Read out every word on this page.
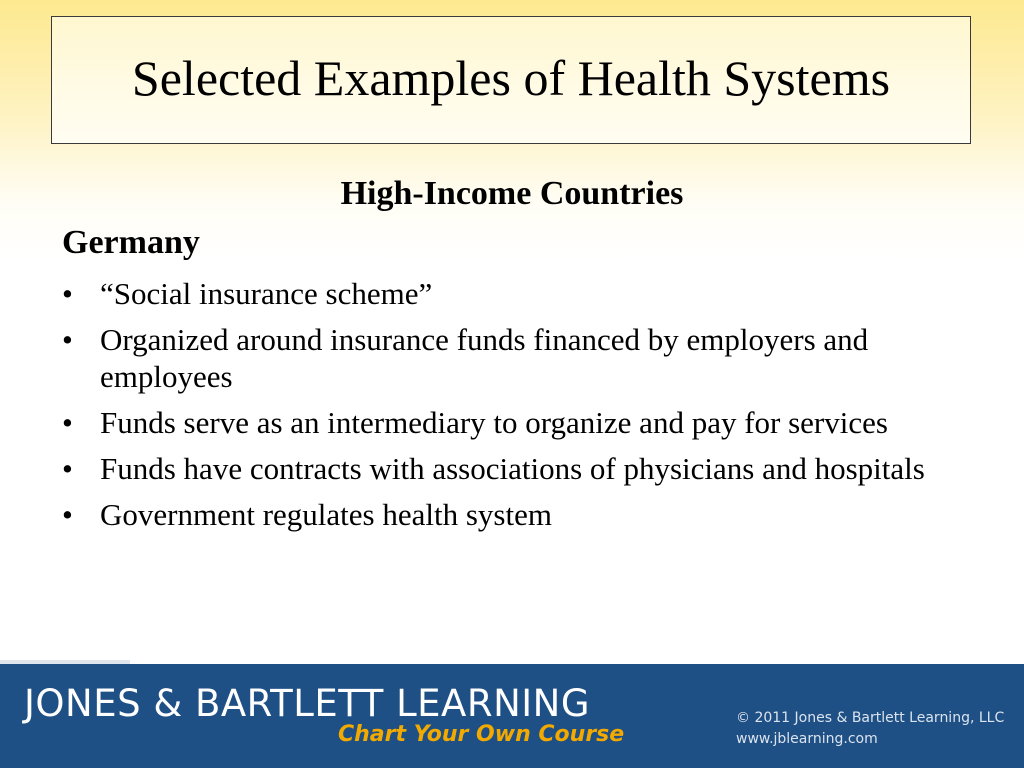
Selected Examples of Health Systems
High-Income Countries
Germany
• “Social insurance scheme”
• Organized around insurance funds financed by employers and employees
• Funds serve as an intermediary to organize and pay for services
• Funds have contracts with associations of physicians and hospitals
• Government regulates health system
JONES & BARTLETT LEARNING
Chart Your Own Course
© 2011 Jones & Bartlett Learning, LLC
www.jblearning.com
